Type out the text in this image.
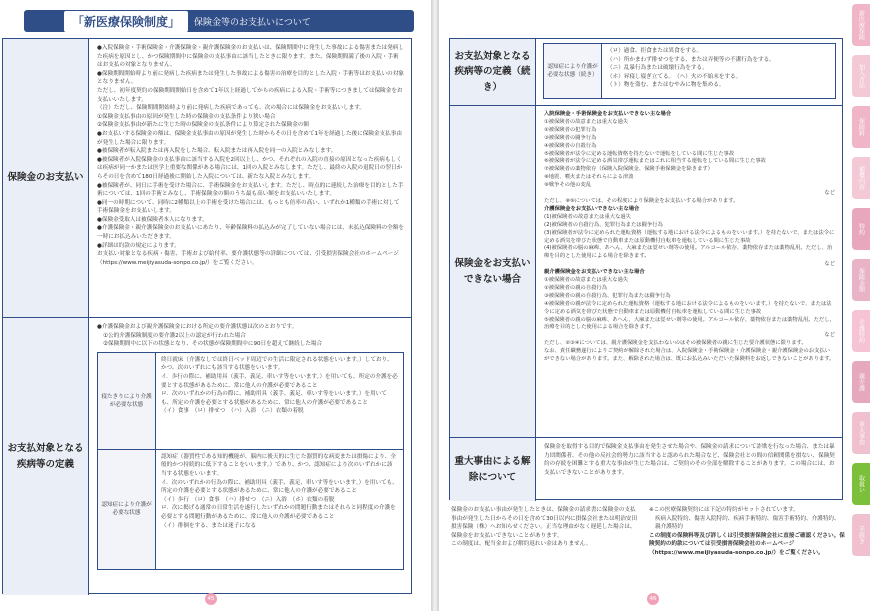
「新医療保険制度」	保険金等のお支払いについて
保険金のお支払い

●入院保険金・手術保険金・介護保険金・親介護保険金のお支払いは、保険期間中に発生した事故による傷害または発病した疾病を原因とし、かつ保険期間中に保険金の支払事由に該当したときに限ります。また、保険期間満了後の入院・手術はお支払の対象となりません。

●保険期間開始時より前に発病した疾病または発生した事故による傷害の治療を目的とした入院・手術等はお支払いの対象となりません。

ただし、初年度契約の保険期間開始日を含めて1年以上経過してからの疾病による入院・手術等につきましては保険金をお支払いいたします。

（注）ただし、保険期間開始時より前に発病した疾病であっても、次の場合には保険金をお支払いします。

①保険金支払事由の原因が発生した時の保険金の支払条件より狭い場合

②保険金支払事由が新たに生じた時の保険金の支払条件により算定された保険金の額

●お支払いする保険金の額は、保険金支払事由の原因が発生した時からその日を含めて1年を経過した後に保険金支払事由が発生した場合に限ります。

●被保険者が転入院または再入院をした場合、転入院または再入院を同一の入院とみなします。

●被保険者が入院保険金の支払事由に該当する入院を2回以上し、かつ、それぞれの入院の直接の原因となった疾病もしくは疾病が同一かまたは医学上重要な関係がある場合には、1回の入院とみなします。ただし、最終の入院の退院日の翌日からその日を含めて180日経過後に開始した入院については、新たな入院とみなします。

●被保険者が、同日に手術を受けた場合に、手術保険金をお支払いします。ただし、時点的に連続した治療を目的とした手術については、1回の手術とみなし、手術保険金の額のうち最も高い額をお支払いいたします。

●同一の時期について、同時に2種類以上の手術を受けた場合には、もっとも倍率の高い、いずれか1種類の手術に対して手術保険金をお支払いします。

●保険金受取人は被保険者本人になります。

●介護保険金・親介護保険金のお支払いにあたり、年齢保険料の払込みが完了していない場合には、未払込保険料の全額を一時にお払込みいただきます。

●詳細は約款の規定によります。

お支払い対象となる疾病・傷害、手術および給付率、要介護状態等の詳細については、引受損害保険会社のホームページ

（https://www.meijiyasuda-sonpo.co.jp/）をご覧ください。

お支払対象となる疾病等の定義

●介護保険金および親介護保険金における所定の要介護状態は次のとおりです。

①公的介護保険制度の要介護2以上の認定が行われた場合

②保険期間中に以下の状態となり、その状態が保険期間中に90日を超えて継続した場合

寝たきりにより介護が必要な状態

終日就床（介護なしでは終日ベッド周辺での生活に限定される状態をいいます。）しており、かつ、次のいずれにも該当する状態をいいます。

イ．歩行の際に、補助用具（義手、義足、車いす等をいいます。）を用いても、所定の介護を必要とする状態があるために、常に他人の介護が必要であること

ロ．次のいずれかの行為の際に、補助用具（義手、義足、車いす等をいいます。）を用いても、所定の介護を必要とする状態があるために、常に他人の介護が必要であること

（イ）食事　（ロ）排せつ　（ハ）入浴　（ニ）衣類の着脱

認知症により介護が必要な状態

認知症（器質性である知的機能が、脳内に後天的に生じた器質的な病変または損傷により、全般的かつ持続的に低下することをいいます。）であり、かつ、認知症により次のいずれかに該当する状態をいいます。

イ．次のいずれかの行為の際に、補助用具（義手、義足、車いす等をいいます。）を用いても、所定の介護を必要とする状態があるために、常に他人の介護が必要であること

（イ）歩行　（ロ）食事　（ハ）排せつ　（ニ）入浴　（ホ）衣類の着脱

ロ．次に掲げる通常の日常生活を遂行したいずれかの問題行動またはそれらと同程度の介護を必要とする問題行動があるために、常に他人の介護が必要であること

（イ）徘徊をする、または迷子になる

45
お支払対象となる疾病等の定義（続き）
認知症により介護が必要な状態（続き）

（ロ）過食、拒食または異食をする。

（ハ）所かまわず排せつをする、または弄便等の不潔行為をする。

（ニ）乱暴行為または破壊行為をする。

（ホ）昇寝し寝ぎ立てる。　（へ）火の不始末をする。

（ト）物を盗む、またはむやみに物を集める。

保険金をお支払いできない場合

入院保険金・手術保険金をお支払いできない主な場合

①被保険者の故意または重大な過失

②被保険者の犯罪行為

③被保険者の闘争行為

④被保険者の自殺行為

⑤被保険者が法令に定める運転資格を持たないで運転をしている間に生じた事故

⑥被保険者が法令に定める酒気帯び運転またはこれに相当する運転をしている間に生じた事故

⑦被保険者の薬物依存（保険入院保険金、保険手術保険金を除きます）

⑧地震、噴火またはそれらによる津波

⑨戦争その他の変乱

など

ただし、⑧⑨については、その程度により保険金をお支払いする場合があります。

介護保険金をお支払いできない主な場合

(1)被保険者の故意または重大な過失

(2)被保険者の自殺行為、犯罪行為または闘争行為

(3)被保険者が法令に定められた運転資格（運転する地における法令によるものをいいます。）を持たないで、または法令に定める酒気を帯びた状態で自動車または原動機付自転車を運転している間に生じた事故

(4)被保険者の脳の麻痺、あへん、大麻または覚せい剤等の使用。アルコール依存、薬物依存または薬物乱用。ただし、治療を目的とした使用による場合を除きます。

など

親介護保険金をお支払いできない主な場合

①被保険者の故意または重大な過失

②被保険者の親の自殺行為

③被保険者の親の自殺行為、犯罪行為または闘争行為

④被保険者の親が法令に定められた運転資格（運転する地における法令によるものをいいます。）を持たないで、または法令に定める酒気を帯びた状態で自動車または原動機付自転車を運転している間に生じた事故

⑤被保険者の親の脳の麻痺、あへん、大麻または覚せい剤等の使用。アルコール依存、薬物依存または薬物乱用。ただし、治療を目的とした使用による場合を除きます。

など

ただし、②③④については、親介護保険金を支払わないのはその被保険者の親に生じた要介護状態に限ります。

なお、責任職務遂行によりご契約が解除された場合は、入院保険金・手術保険金・介護保険金・親介護保険金のお支払いができない場合があります。また、解除された場合は、既にお払込みいただいた保険料をお返しできないことがあります。

重大事由による解除について

保険金を取得する目的で保険金支払事由を発生させた場合や、保険金の請求について詐欺を行なった場合、または暴力団関係者、その他の反社会的勢力に該当すると認められた場合など、保険会社との間の信頼関係を損ない、保険契約の存続を困難とする重大な事由が生じた場合は、ご契約のその全部を解除することがあります。この場合には、お支払いできないことがあります。

保険金のお支払い事由が発生したときは、保険金の請求書に保険金の支払事由が発生した日からその日を含めて30日以内に損保会社または明治安田損害保険（株）へお知らせください。正当な理由がなく遅延した場合は、保険金をお支払いできないことがあります。

この制度は、配当金および解約返れい金はありません。

※この医療保険契約には下記の特約がセットされています。

疾病入院特約、傷害入院特約、疾病手術特約、傷害手術特約、介護特約、親介護特約

この制度の保険料等及び詳しくは引受損害保険会社に直接ご確認ください。保険契約の約款については引受損害保険会社のホームページ（https://www.meijiyasuda-sonpo.co.jp/）をご覧ください。

46
新医療保険
加入方法
保険料
補償内容
特約
保険金額
介護特約
親介護
重大事由
取扱い
手続き
